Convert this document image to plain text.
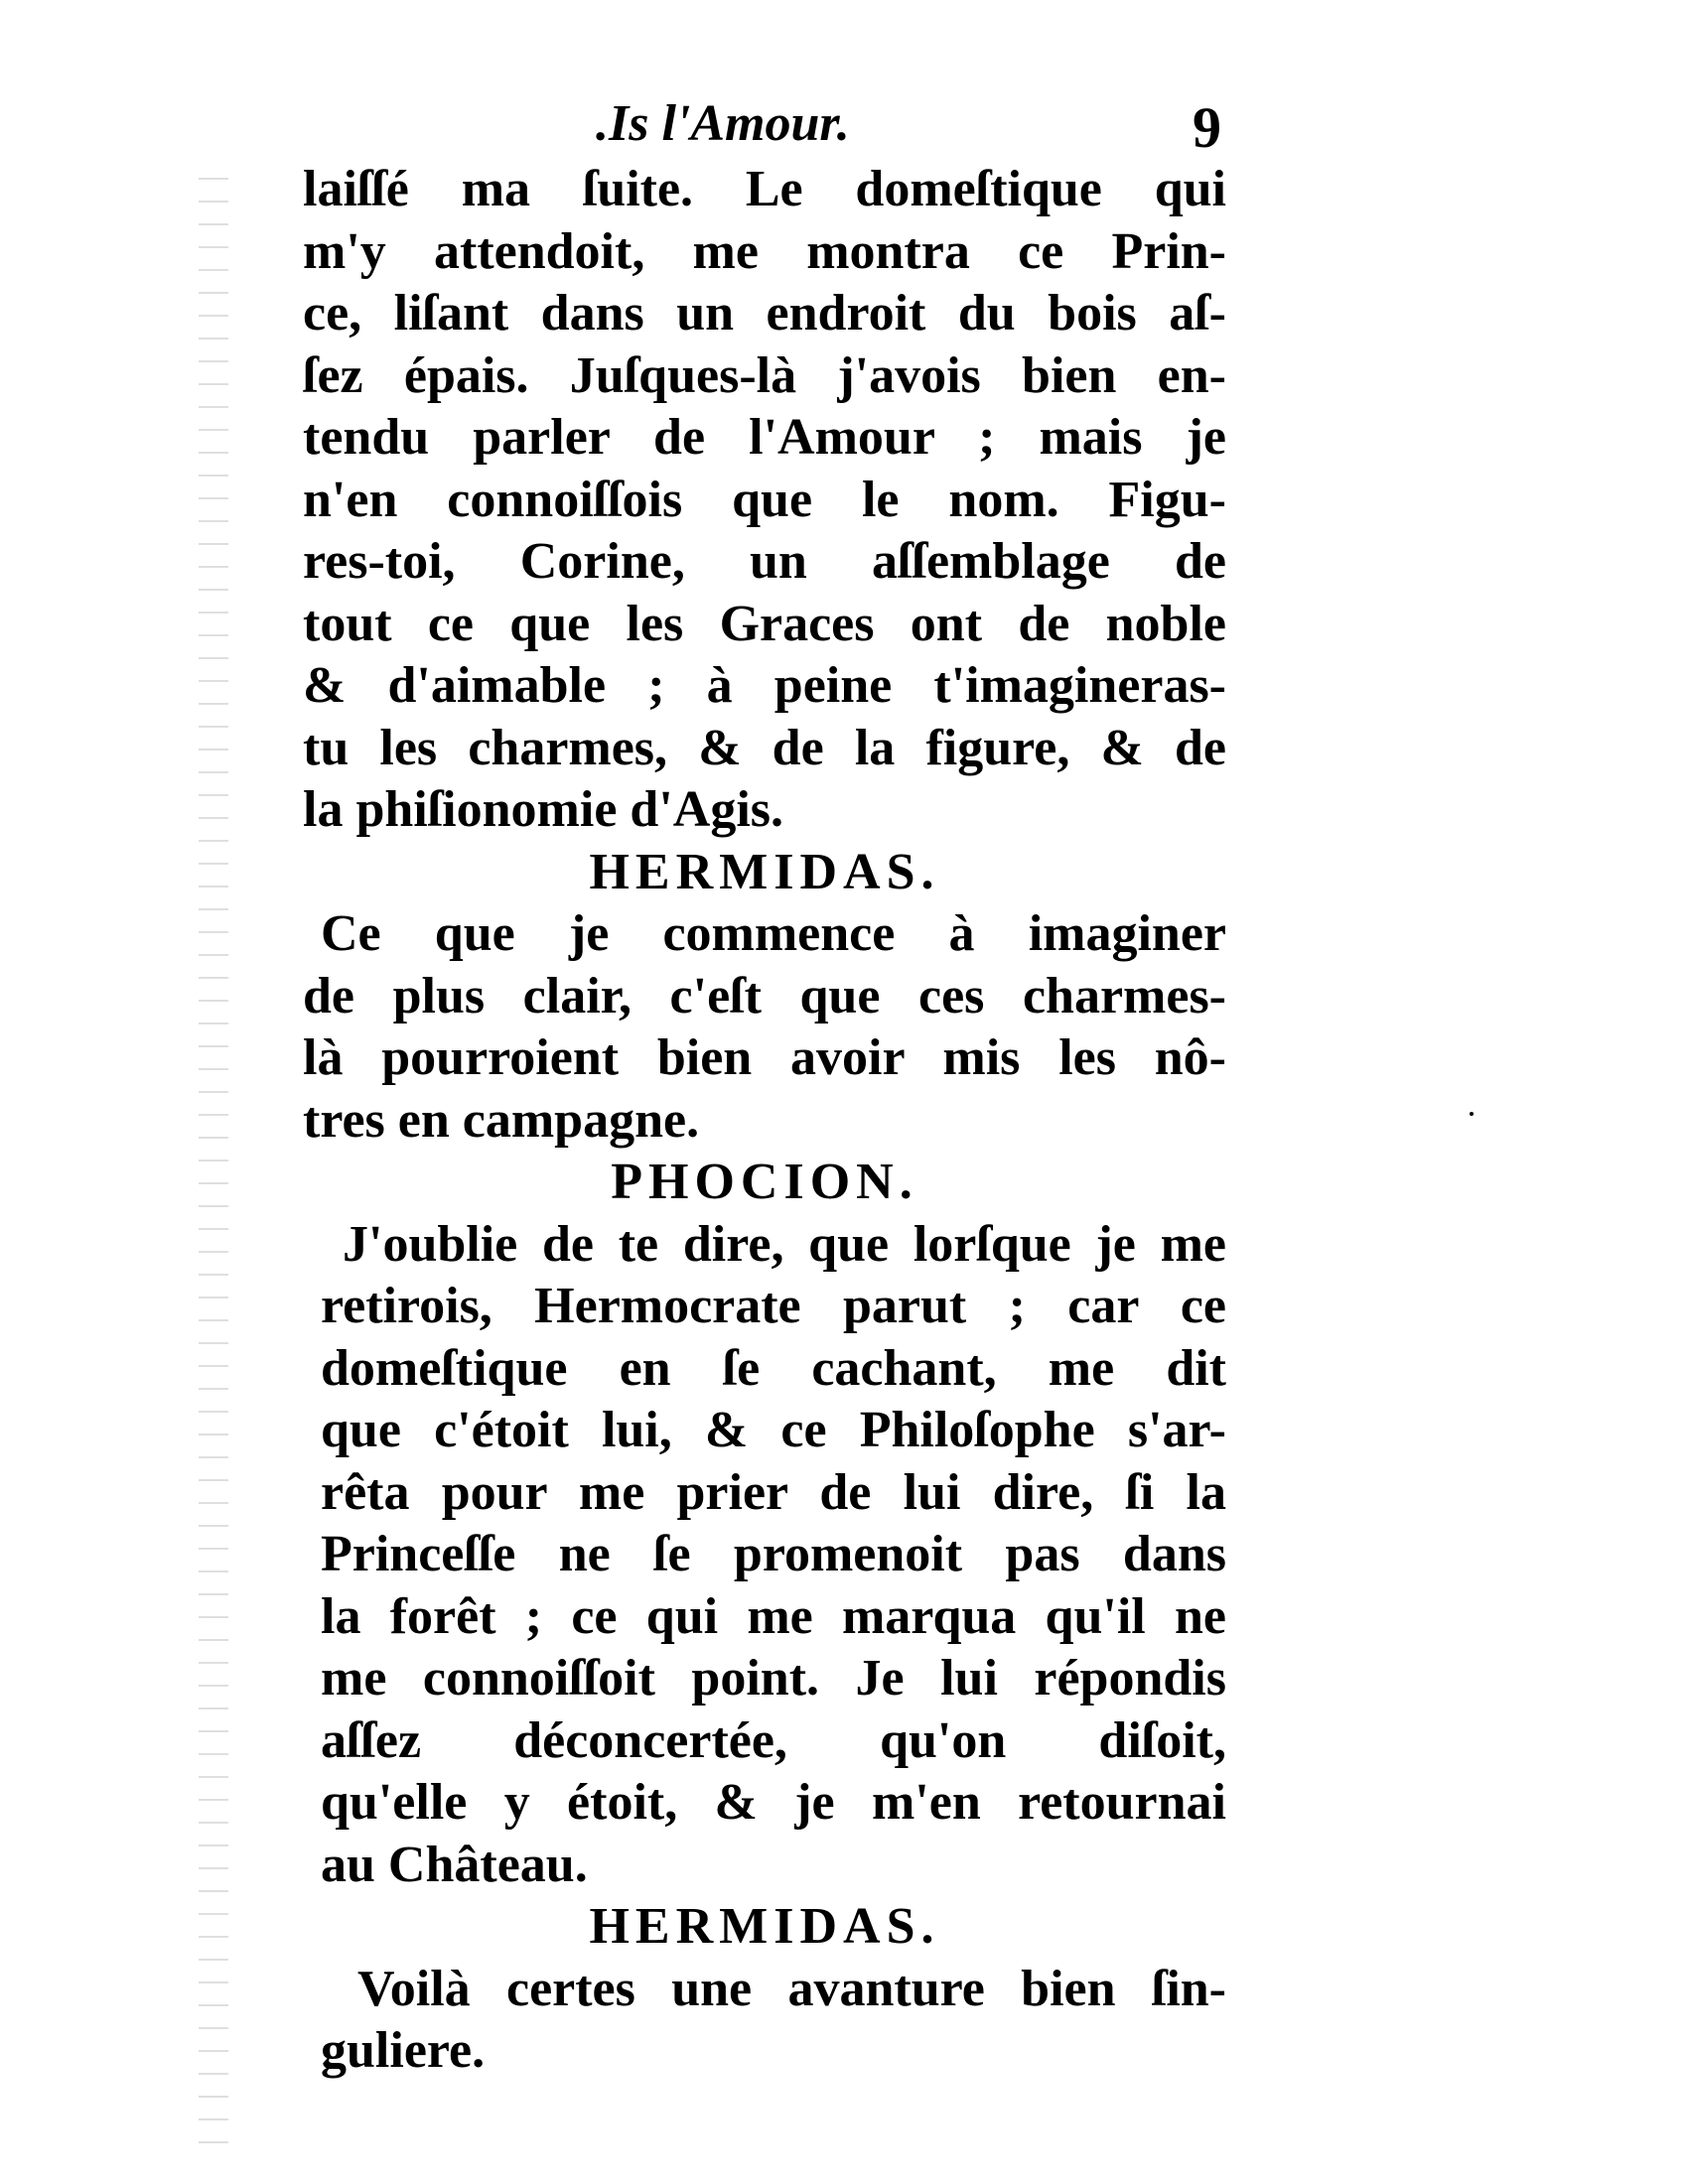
.Is l'Amour.	9
laiſſé ma ſuite. Le domeſtique qui
m'y attendoit, me montra ce Prin-
ce, liſant dans un endroit du bois aſ-
ſez épais. Juſques-là j'avois bien en-
tendu parler de l'Amour ; mais je
n'en connoiſſois que le nom. Figu-
res-toi, Corine, un aſſemblage de
tout ce que les Graces ont de noble
& d'aimable ; à peine t'imagineras-
tu les charmes, & de la figure, & de
la phiſionomie d'Agis.
HERMIDAS.
Ce que je commence à imaginer
de plus clair, c'eſt que ces charmes-
là pourroient bien avoir mis les nô-
tres en campagne.
PHOCION.
J'oublie de te dire, que lorſque je me
retirois, Hermocrate parut ; car ce
domeſtique en ſe cachant, me dit
que c'étoit lui, & ce Philoſophe s'ar-
rêta pour me prier de lui dire, ſi la
Princeſſe ne ſe promenoit pas dans
la forêt ; ce qui me marqua qu'il ne
me connoiſſoit point. Je lui répondis
aſſez déconcertée, qu'on diſoit,
qu'elle y étoit, & je m'en retournai
au Château.
HERMIDAS.
Voilà certes une avanture bien ſin-
guliere.
